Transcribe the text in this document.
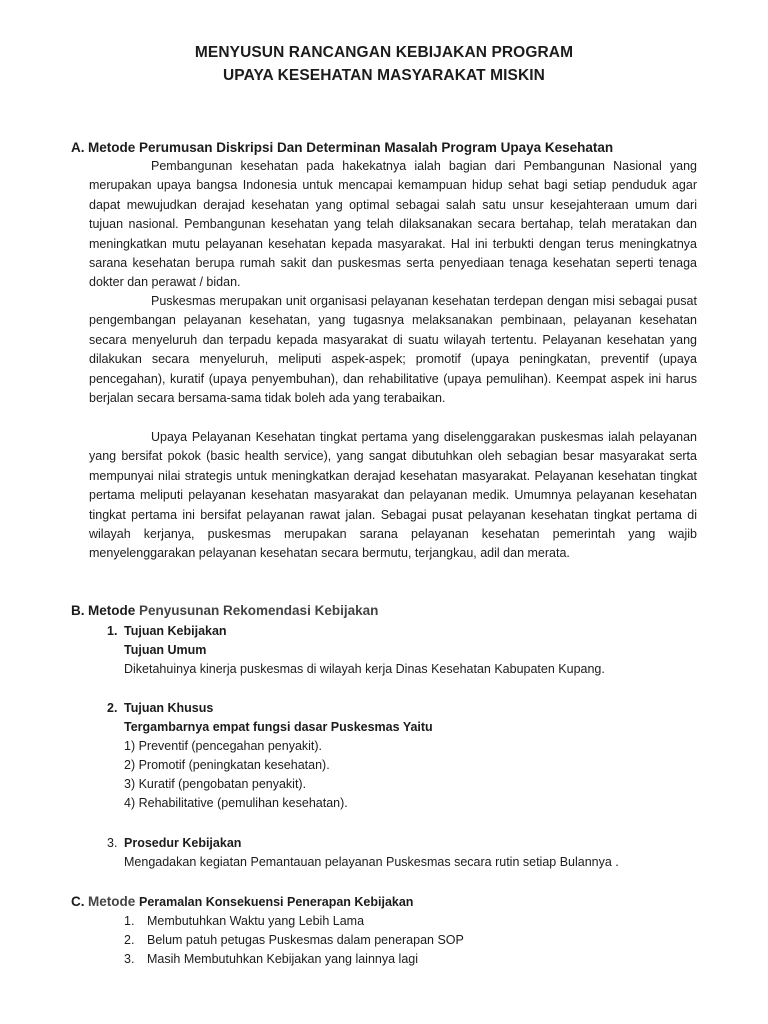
MENYUSUN RANCANGAN KEBIJAKAN PROGRAM
UPAYA KESEHATAN MASYARAKAT MISKIN
A. Metode Perumusan Diskripsi Dan Determinan Masalah Program Upaya Kesehatan

Pembangunan kesehatan pada hakekatnya ialah bagian dari Pembangunan Nasional yang merupakan upaya bangsa Indonesia untuk mencapai kemampuan hidup sehat bagi setiap penduduk agar dapat mewujudkan derajad kesehatan yang optimal sebagai salah satu unsur kesejahteraan umum dari tujuan nasional. Pembangunan kesehatan yang telah dilaksanakan secara bertahap, telah meratakan dan meningkatkan mutu pelayanan kesehatan kepada masyarakat. Hal ini terbukti dengan terus meningkatnya sarana kesehatan berupa rumah sakit dan puskesmas serta penyediaan tenaga kesehatan seperti tenaga dokter dan perawat / bidan.

Puskesmas merupakan unit organisasi pelayanan kesehatan terdepan dengan misi sebagai pusat pengembangan pelayanan kesehatan, yang tugasnya melaksanakan pembinaan, pelayanan kesehatan secara menyeluruh dan terpadu kepada masyarakat di suatu wilayah tertentu. Pelayanan kesehatan yang dilakukan secara menyeluruh, meliputi aspek-aspek; promotif (upaya peningkatan, preventif (upaya pencegahan), kuratif (upaya penyembuhan), dan rehabilitative (upaya pemulihan). Keempat aspek ini harus berjalan secara bersama-sama tidak boleh ada yang terabaikan.

Upaya Pelayanan Kesehatan tingkat pertama yang diselenggarakan puskesmas ialah pelayanan yang bersifat pokok (basic health service), yang sangat dibutuhkan oleh sebagian besar masyarakat serta mempunyai nilai strategis untuk meningkatkan derajad kesehatan masyarakat. Pelayanan kesehatan tingkat pertama meliputi pelayanan kesehatan masyarakat dan pelayanan medik. Umumnya pelayanan kesehatan tingkat pertama ini bersifat pelayanan rawat jalan. Sebagai pusat pelayanan kesehatan tingkat pertama di wilayah kerjanya, puskesmas merupakan sarana pelayanan kesehatan pemerintah yang wajib menyelenggarakan pelayanan kesehatan secara bermutu, terjangkau, adil dan merata.

B. Metode Penyusunan Rekomendasi Kebijakan

1. Tujuan Kebijakan

Tujuan Umum

Diketahuinya kinerja puskesmas di wilayah kerja Dinas Kesehatan Kabupaten Kupang.

2. Tujuan Khusus

Tergambarnya empat fungsi dasar Puskesmas Yaitu

1) Preventif (pencegahan penyakit).

2) Promotif (peningkatan kesehatan).

3) Kuratif (pengobatan penyakit).

4) Rehabilitative (pemulihan kesehatan).

3. Prosedur Kebijakan

Mengadakan kegiatan Pemantauan pelayanan Puskesmas secara rutin setiap Bulannya .

C. Metode Peramalan Konsekuensi Penerapan Kebijakan

1. Membutuhkan Waktu yang Lebih Lama

2. Belum patuh petugas Puskesmas dalam penerapan SOP

3. Masih Membutuhkan Kebijakan yang lainnya lagi
